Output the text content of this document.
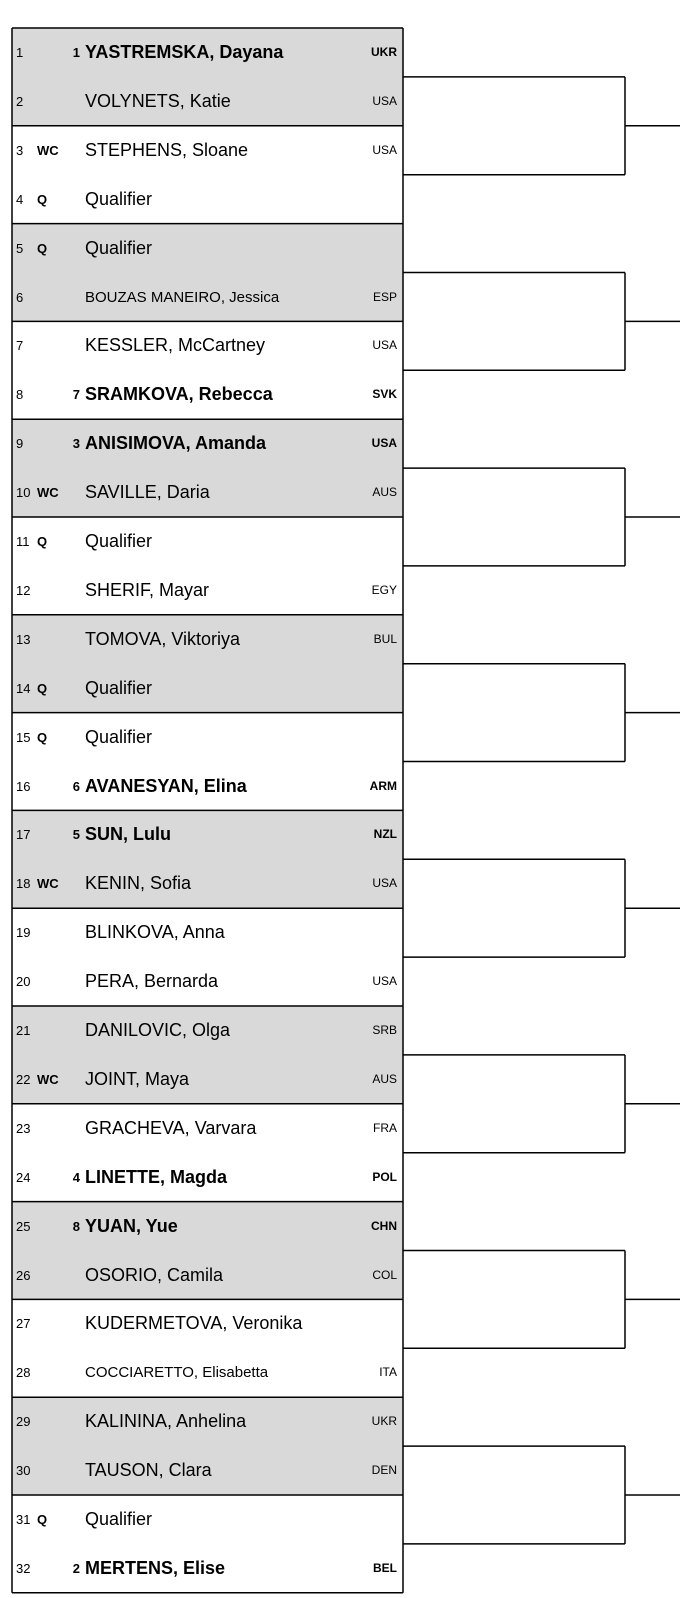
1	1 YASTREMSKA, Dayana	UKR
2	VOLYNETS, Katie	USA
3 WC	STEPHENS, Sloane	USA
4 Q	Qualifier
5 Q	Qualifier
6	BOUZAS MANEIRO, Jessica	ESP
7	KESSLER, McCartney	USA
8	7 SRAMKOVA, Rebecca	SVK
9	3 ANISIMOVA, Amanda	USA
10 WC	SAVILLE, Daria	AUS
11 Q	Qualifier
12	SHERIF, Mayar	EGY
13	TOMOVA, Viktoriya	BUL
14 Q	Qualifier
15 Q	Qualifier
16	6 AVANESYAN, Elina	ARM
17	5 SUN, Lulu	NZL
18 WC	KENIN, Sofia	USA
19	BLINKOVA, Anna
20	PERA, Bernarda	USA
21	DANILOVIC, Olga	SRB
22 WC	JOINT, Maya	AUS
23	GRACHEVA, Varvara	FRA
24	4 LINETTE, Magda	POL
25	8 YUAN, Yue	CHN
26	OSORIO, Camila	COL
27	KUDERMETOVA, Veronika
28	COCCIARETTO, Elisabetta	ITA
29	KALININA, Anhelina	UKR
30	TAUSON, Clara	DEN
31 Q	Qualifier
32	2 MERTENS, Elise	BEL
